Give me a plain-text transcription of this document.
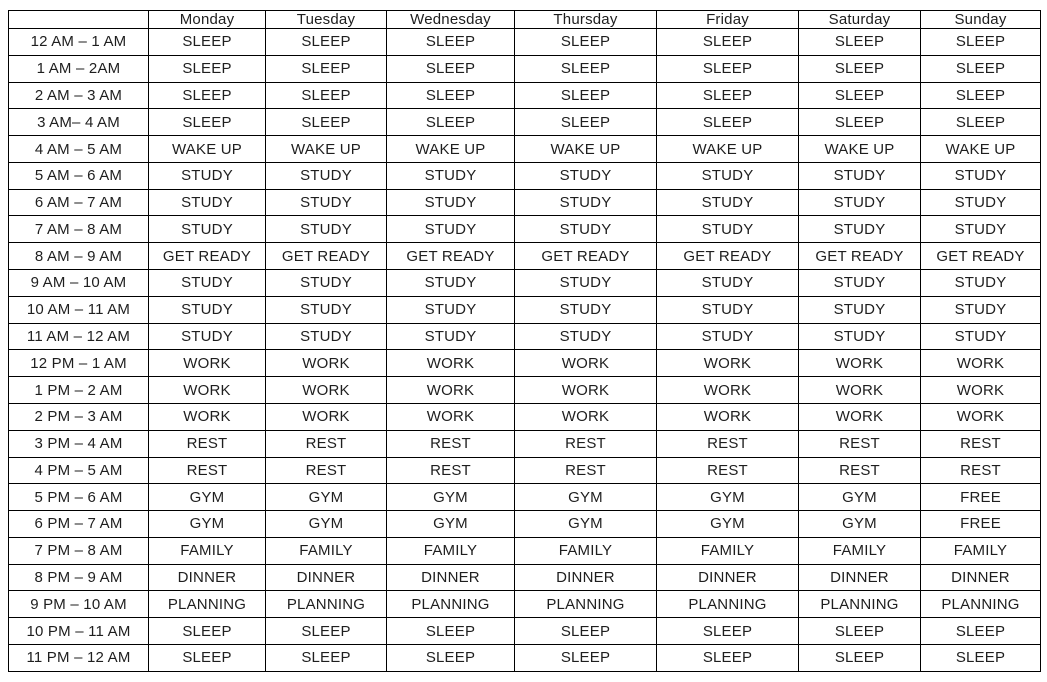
	Monday	Tuesday	Wednesday	Thursday	Friday	Saturday	Sunday
12 AM – 1 AM	SLEEP	SLEEP	SLEEP	SLEEP	SLEEP	SLEEP	SLEEP
1 AM – 2AM	SLEEP	SLEEP	SLEEP	SLEEP	SLEEP	SLEEP	SLEEP
2 AM – 3 AM	SLEEP	SLEEP	SLEEP	SLEEP	SLEEP	SLEEP	SLEEP
3 AM– 4 AM	SLEEP	SLEEP	SLEEP	SLEEP	SLEEP	SLEEP	SLEEP
4 AM – 5 AM	WAKE UP	WAKE UP	WAKE UP	WAKE UP	WAKE UP	WAKE UP	WAKE UP
5 AM – 6 AM	STUDY	STUDY	STUDY	STUDY	STUDY	STUDY	STUDY
6 AM – 7 AM	STUDY	STUDY	STUDY	STUDY	STUDY	STUDY	STUDY
7 AM – 8 AM	STUDY	STUDY	STUDY	STUDY	STUDY	STUDY	STUDY
8 AM – 9 AM	GET READY	GET READY	GET READY	GET READY	GET READY	GET READY	GET READY
9 AM – 10 AM	STUDY	STUDY	STUDY	STUDY	STUDY	STUDY	STUDY
10 AM – 11 AM	STUDY	STUDY	STUDY	STUDY	STUDY	STUDY	STUDY
11 AM – 12 AM	STUDY	STUDY	STUDY	STUDY	STUDY	STUDY	STUDY
12 PM – 1 AM	WORK	WORK	WORK	WORK	WORK	WORK	WORK
1 PM – 2 AM	WORK	WORK	WORK	WORK	WORK	WORK	WORK
2 PM – 3 AM	WORK	WORK	WORK	WORK	WORK	WORK	WORK
3 PM – 4 AM	REST	REST	REST	REST	REST	REST	REST
4 PM – 5 AM	REST	REST	REST	REST	REST	REST	REST
5 PM – 6 AM	GYM	GYM	GYM	GYM	GYM	GYM	FREE
6 PM – 7 AM	GYM	GYM	GYM	GYM	GYM	GYM	FREE
7 PM – 8 AM	FAMILY	FAMILY	FAMILY	FAMILY	FAMILY	FAMILY	FAMILY
8 PM – 9 AM	DINNER	DINNER	DINNER	DINNER	DINNER	DINNER	DINNER
9 PM – 10 AM	PLANNING	PLANNING	PLANNING	PLANNING	PLANNING	PLANNING	PLANNING
10 PM – 11 AM	SLEEP	SLEEP	SLEEP	SLEEP	SLEEP	SLEEP	SLEEP
11 PM – 12 AM	SLEEP	SLEEP	SLEEP	SLEEP	SLEEP	SLEEP	SLEEP
